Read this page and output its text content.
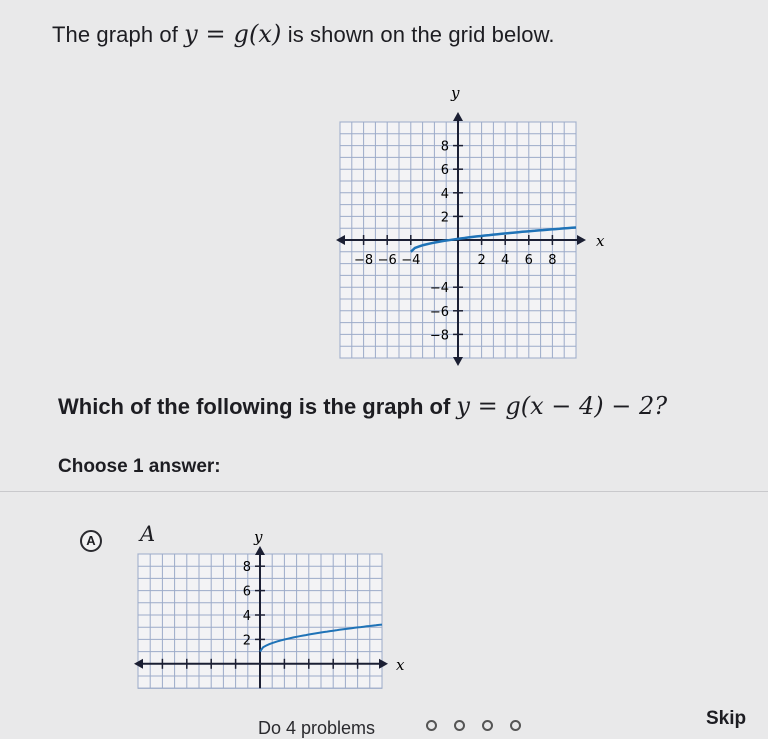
The graph of y = g(x) is shown on the grid below.
x
y
−8 −6 −4	2 4 6 8
8
6
4
2
−4
−6
−8
Which of the following is the graph of y = g(x − 4) − 2?
Choose 1 answer:
A	A
x
y
8
6
4
2
Do 4 problems	Skip
